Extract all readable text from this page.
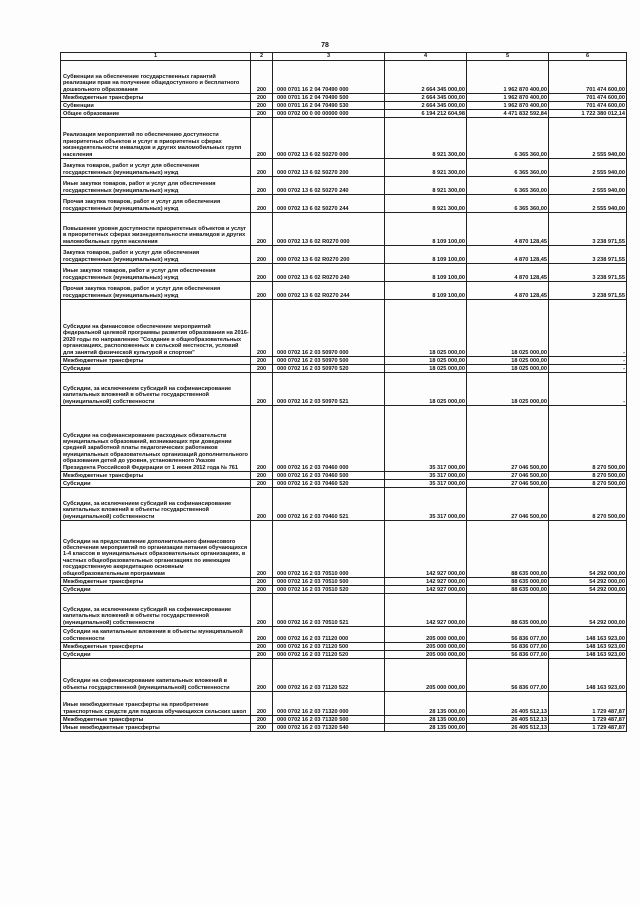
78
1	2	3	4	5	6
Субвенции на обеспечение государственных гарантий реализации прав на получение общедоступного и бесплатного дошкольного образования	200	000 0701 16 2 04 70490 000	2 664 345 000,00	1 962 870 400,00	701 474 600,00
Межбюджетные трансферты	200	000 0701 16 2 04 70490 500	2 664 345 000,00	1 962 870 400,00	701 474 600,00
Субвенции	200	000 0701 16 2 04 70490 530	2 664 345 000,00	1 962 870 400,00	701 474 600,00
Общее образование	200	000 0702 00 0 00 00000 000	6 194 212 604,98	4 471 832 592,84	1 722 380 012,14
Реализация мероприятий по обеспечению доступности приоритетных объектов и услуг в приоритетных сферах жизнедеятельности инвалидов и других маломобильных групп населения	200	000 0702 13 6 02 50270 000	8 921 300,00	6 365 360,00	2 555 940,00
Закупка товаров, работ и услуг для обеспечения государственных (муниципальных) нужд	200	000 0702 13 6 02 50270 200	8 921 300,00	6 365 360,00	2 555 940,00
Иные закупки товаров, работ и услуг для обеспечения государственных (муниципальных) нужд	200	000 0702 13 6 02 50270 240	8 921 300,00	6 365 360,00	2 555 940,00
Прочая закупка товаров, работ и услуг для обеспечения государственных (муниципальных) нужд	200	000 0702 13 6 02 50270 244	8 921 300,00	6 365 360,00	2 555 940,00
Повышение уровня доступности приоритетных объектов и услуг в приоритетных сферах жизнедеятельности инвалидов и других маломобильных групп населения	200	000 0702 13 6 02 R0270 000	8 109 100,00	4 870 128,45	3 238 971,55
Закупка товаров, работ и услуг для обеспечения государственных (муниципальных) нужд	200	000 0702 13 6 02 R0270 200	8 109 100,00	4 870 128,45	3 238 971,55
Иные закупки товаров, работ и услуг для обеспечения государственных (муниципальных) нужд	200	000 0702 13 6 02 R0270 240	8 109 100,00	4 870 128,45	3 238 971,55
Прочая закупка товаров, работ и услуг для обеспечения государственных (муниципальных) нужд	200	000 0702 13 6 02 R0270 244	8 109 100,00	4 870 128,45	3 238 971,55
Субсидии на финансовое обеспечение мероприятий федеральной целевой программы развития образования на 2016-2020 годы по направлению "Создание в общеобразовательных организациях, расположенных в сельской местности, условий для занятий физической культурой и спортом"	200	000 0702 16 2 03 50970 000	18 025 000,00	18 025 000,00	-
Межбюджетные трансферты	200	000 0702 16 2 03 50970 500	18 025 000,00	18 025 000,00	-
Субсидии	200	000 0702 16 2 03 50970 520	18 025 000,00	18 025 000,00	-
Субсидии, за исключением субсидий на софинансирование капитальных вложений в объекты государственной (муниципальной) собственности	200	000 0702 16 2 03 50970 521	18 025 000,00	18 025 000,00	-
Субсидии на софинансирование расходных обязательств муниципальных образований, возникающих при доведении средней заработной платы педагогических работников муниципальных образовательных организаций дополнительного образования детей до уровня, установленного Указом Президента Российской Федерации от 1 июня 2012 года № 761	200	000 0702 16 2 03 70460 000	35 317 000,00	27 046 500,00	8 270 500,00
Межбюджетные трансферты	200	000 0702 16 2 03 70460 500	35 317 000,00	27 046 500,00	8 270 500,00
Субсидии	200	000 0702 16 2 03 70460 520	35 317 000,00	27 046 500,00	8 270 500,00
Субсидии, за исключением субсидий на софинансирование капитальных вложений в объекты государственной (муниципальной) собственности	200	000 0702 16 2 03 70460 521	35 317 000,00	27 046 500,00	8 270 500,00
Субсидии на предоставление дополнительного финансового обеспечения мероприятий по организации питания обучающихся 1-4 классов в муниципальных образовательных организациях, в частных общеобразовательных организациях по имеющим государственную аккредитацию основным общеобразовательным программам	200	000 0702 16 2 03 70510 000	142 927 000,00	88 635 000,00	54 292 000,00
Межбюджетные трансферты	200	000 0702 16 2 03 70510 500	142 927 000,00	88 635 000,00	54 292 000,00
Субсидии	200	000 0702 16 2 03 70510 520	142 927 000,00	88 635 000,00	54 292 000,00
Субсидии, за исключением субсидий на софинансирование капитальных вложений в объекты государственной (муниципальной) собственности	200	000 0702 16 2 03 70510 521	142 927 000,00	88 635 000,00	54 292 000,00
Субсидии на капитальные вложения в объекты муниципальной собственности	200	000 0702 16 2 03 71120 000	205 000 000,00	56 836 077,00	148 163 923,00
Межбюджетные трансферты	200	000 0702 16 2 03 71120 500	205 000 000,00	56 836 077,00	148 163 923,00
Субсидии	200	000 0702 16 2 03 71120 520	205 000 000,00	56 836 077,00	148 163 923,00
Субсидии на софинансирование капитальных вложений в объекты государственной (муниципальной) собственности	200	000 0702 16 2 03 71120 522	205 000 000,00	56 836 077,00	148 163 923,00
Иные межбюджетные трансферты на приобретение транспортных средств для подвоза обучающихся сельских школ	200	000 0702 16 2 03 71320 000	28 135 000,00	26 405 512,13	1 729 487,87
Межбюджетные трансферты	200	000 0702 16 2 03 71320 500	28 135 000,00	26 405 512,13	1 729 487,87
Иные межбюджетные трансферты	200	000 0702 16 2 03 71320 540	28 135 000,00	26 405 512,13	1 729 487,87
